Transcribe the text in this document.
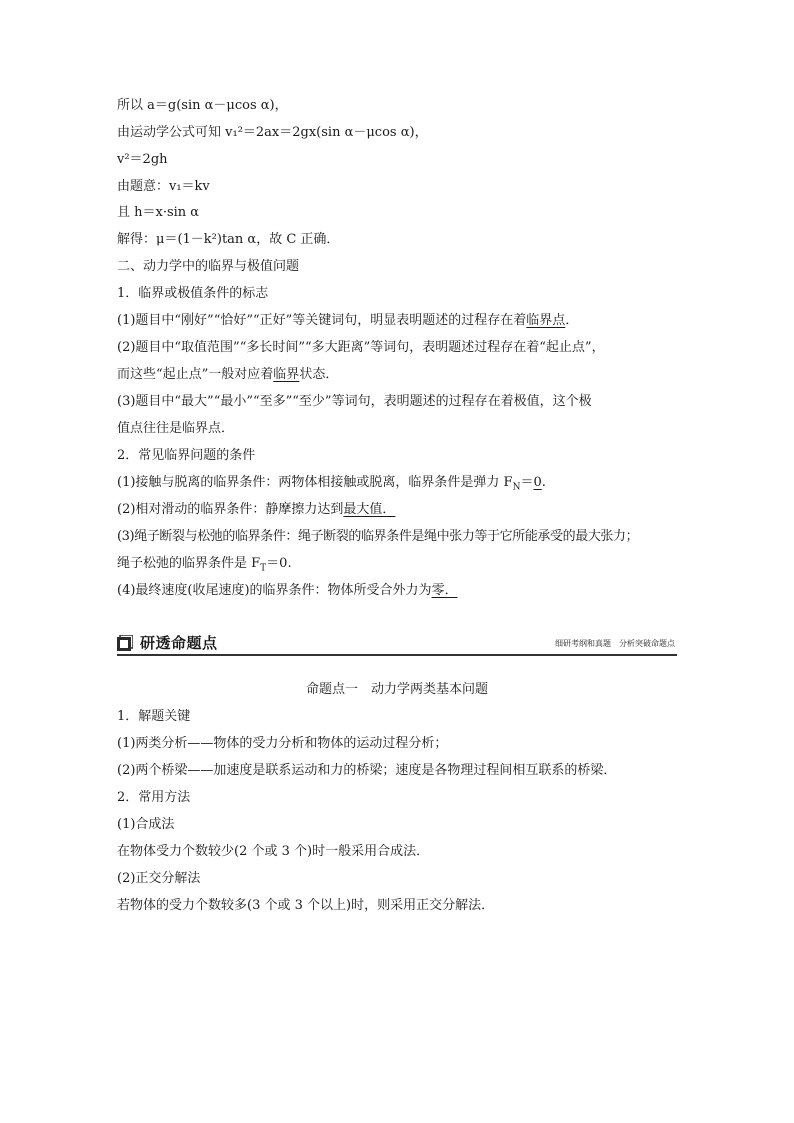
所以 a＝g(sin α－μcos α)，
由运动学公式可知 v₁²＝2ax＝2gx(sin α－μcos α)，
v²＝2gh
由题意：v₁＝kv
且 h＝x·sin α
解得：μ＝(1－k²)tan α，故 C 正确．
二、动力学中的临界与极值问题
1．临界或极值条件的标志
(1)题目中“刚好”“恰好”“正好”等关键词句，明显表明题述的过程存在着临界点．
(2)题目中“取值范围”“多长时间”“多大距离”等词句，表明题述过程存在着“起止点”，
而这些“起止点”一般对应着临界状态．
(3)题目中“最大”“最小”“至多”“至少”等词句，表明题述的过程存在着极值，这个极
值点往往是临界点．
2．常见临界问题的条件
(1)接触与脱离的临界条件：两物体相接触或脱离，临界条件是弹力 $F_N=0$.
(2)相对滑动的临界条件：静摩擦力达到最大值．
(3)绳子断裂与松弛的临界条件：绳子断裂的临界条件是绳中张力等于它所能承受的最大张力；
绳子松弛的临界条件是 $F_T=0$.
(4)最终速度(收尾速度)的临界条件：物体所受合外力为零．
研透命题点	细研考纲和真题　分析突破命题点
命题点一　动力学两类基本问题
1．解题关键
(1)两类分析——物体的受力分析和物体的运动过程分析；
(2)两个桥梁——加速度是联系运动和力的桥梁；速度是各物理过程间相互联系的桥梁．
2．常用方法
(1)合成法
在物体受力个数较少(2 个或 3 个)时一般采用合成法．
(2)正交分解法
若物体的受力个数较多(3 个或 3 个以上)时，则采用正交分解法．
